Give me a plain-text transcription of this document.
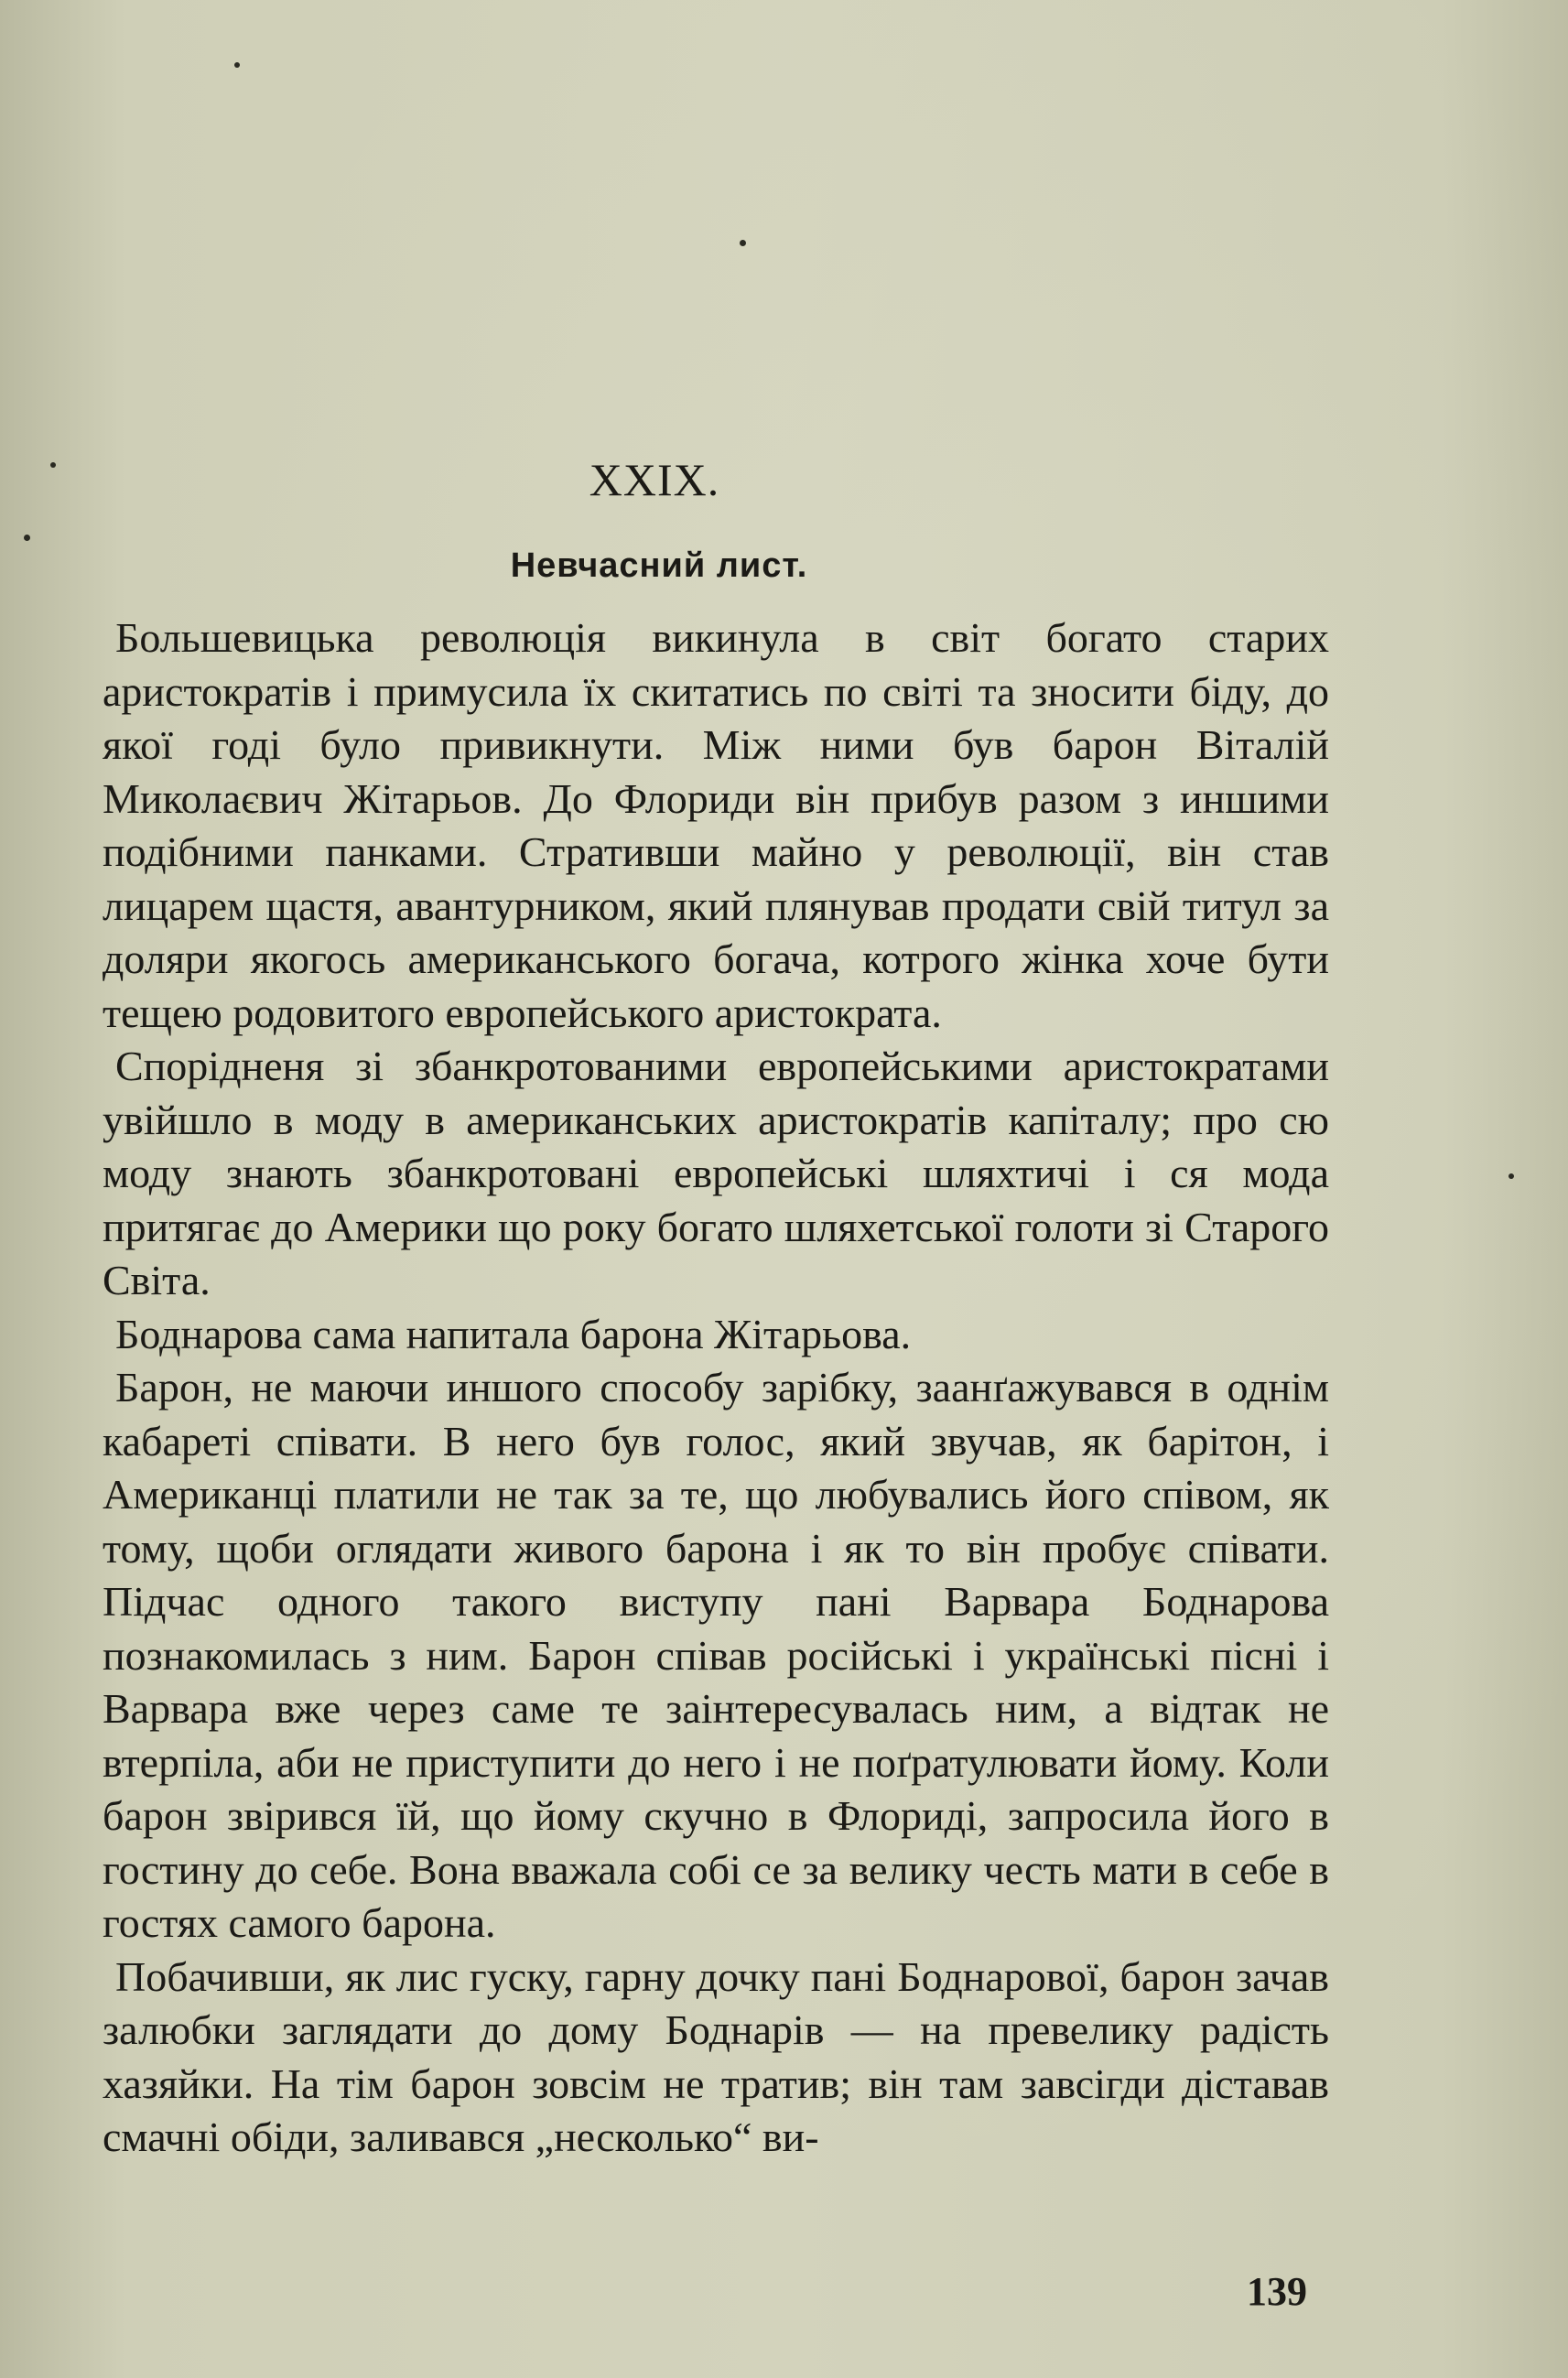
XXIX.
Невчасний лист.

Большевицька революція викинула в світ богато старих аристократів і примусила їх скитатись по світі та зносити біду, до якої годі було привикнути. Між ними був барон Віталій Миколаєвич Жітарьов. До Флориди він прибув разом з иншими подібними панками. Стративши майно у революції, він став лицарем щастя, авантурником, який плянував продати свій титул за доляри якогось американського богача, котрого жінка хоче бути тещею родовитого европейського аристократа.

Спорідненя зі збанкротованими европейськими аристократами увійшло в моду в американських аристократів капіталу; про сю моду знають збанкротовані европейські шляхтичі і ся мода притягає до Америки що року богато шляхетської голоти зі Старого Світа.

Боднарова сама напитала барона Жітарьова.

Барон, не маючи иншого способу зарібку, заанґажувався в однім кабареті співати. В него був голос, який звучав, як барітон, і Американці платили не так за те, що любувались його співом, як тому, щоби оглядати живого барона і як то він пробує співати. Підчас одного такого виступу пані Варвара Боднарова познакомилась з ним. Барон співав російські і українські пісні і Варвара вже через саме те заінтересувалась ним, а відтак не втерпіла, аби не приступити до него і не поґратулювати йому. Коли барон звірився їй, що йому скучно в Флориді, запросила його в гостину до себе. Вона вважала собі се за велику честь мати в себе в гостях самого барона.

Побачивши, як лис гуску, гарну дочку пані Боднарової, барон зачав залюбки заглядати до дому Боднарів — на превелику радість хазяйки. На тім барон зовсім не тратив; він там завсігди діставав смачні обіди, заливався „несколько“ ви-

139
